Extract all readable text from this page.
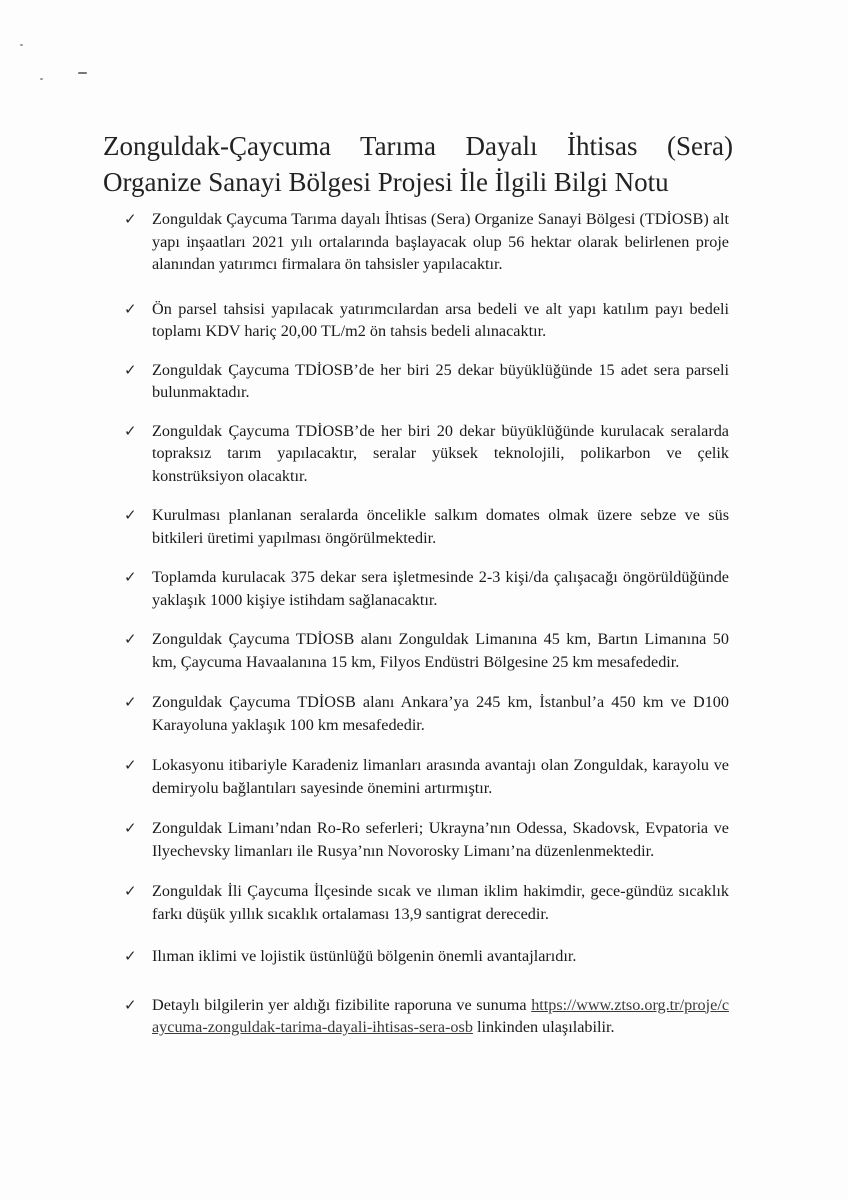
Zonguldak-Çaycuma Tarıma Dayalı İhtisas (Sera)
Organize Sanayi Bölgesi Projesi İle İlgili Bilgi Notu
✓ Zonguldak Çaycuma Tarıma dayalı İhtisas (Sera) Organize Sanayi Bölgesi (TDİOSB) alt yapı inşaatları 2021 yılı ortalarında başlayacak olup 56 hektar olarak belirlenen proje alanından yatırımcı firmalara ön tahsisler yapılacaktır.
✓ Ön parsel tahsisi yapılacak yatırımcılardan arsa bedeli ve alt yapı katılım payı bedeli toplamı KDV hariç 20,00 TL/m2 ön tahsis bedeli alınacaktır.
✓ Zonguldak Çaycuma TDİOSB’de her biri 25 dekar büyüklüğünde 15 adet sera parseli bulunmaktadır.
✓ Zonguldak Çaycuma TDİOSB’de her biri 20 dekar büyüklüğünde kurulacak seralarda topraksız tarım yapılacaktır, seralar yüksek teknolojili, polikarbon ve çelik konstrüksiyon olacaktır.
✓ Kurulması planlanan seralarda öncelikle salkım domates olmak üzere sebze ve süs bitkileri üretimi yapılması öngörülmektedir.
✓ Toplamda kurulacak 375 dekar sera işletmesinde 2-3 kişi/da çalışacağı öngörüldüğünde yaklaşık 1000 kişiye istihdam sağlanacaktır.
✓ Zonguldak Çaycuma TDİOSB alanı Zonguldak Limanına 45 km, Bartın Limanına 50 km, Çaycuma Havaalanına 15 km, Filyos Endüstri Bölgesine 25 km mesafededir.
✓ Zonguldak Çaycuma TDİOSB alanı Ankara’ya 245 km, İstanbul’a 450 km ve D100 Karayoluna yaklaşık 100 km mesafededir.
✓ Lokasyonu itibariyle Karadeniz limanları arasında avantajı olan Zonguldak, karayolu ve demiryolu bağlantıları sayesinde önemini artırmıştır.
✓ Zonguldak Limanı’ndan Ro-Ro seferleri; Ukrayna’nın Odessa, Skadovsk, Evpatoria ve Ilyechevsky limanları ile Rusya’nın Novorosky Limanı’na düzenlenmektedir.
✓ Zonguldak İli Çaycuma İlçesinde sıcak ve ılıman iklim hakimdir, gece-gündüz sıcaklık farkı düşük yıllık sıcaklık ortalaması 13,9 santigrat derecedir.
✓ Ilıman iklimi ve lojistik üstünlüğü bölgenin önemli avantajlarıdır.
✓ Detaylı bilgilerin yer aldığı fizibilite raporuna ve sunuma https://www.ztso.org.tr/proje/caycuma-zonguldak-tarima-dayali-ihtisas-sera-osb linkinden ulaşılabilir.
